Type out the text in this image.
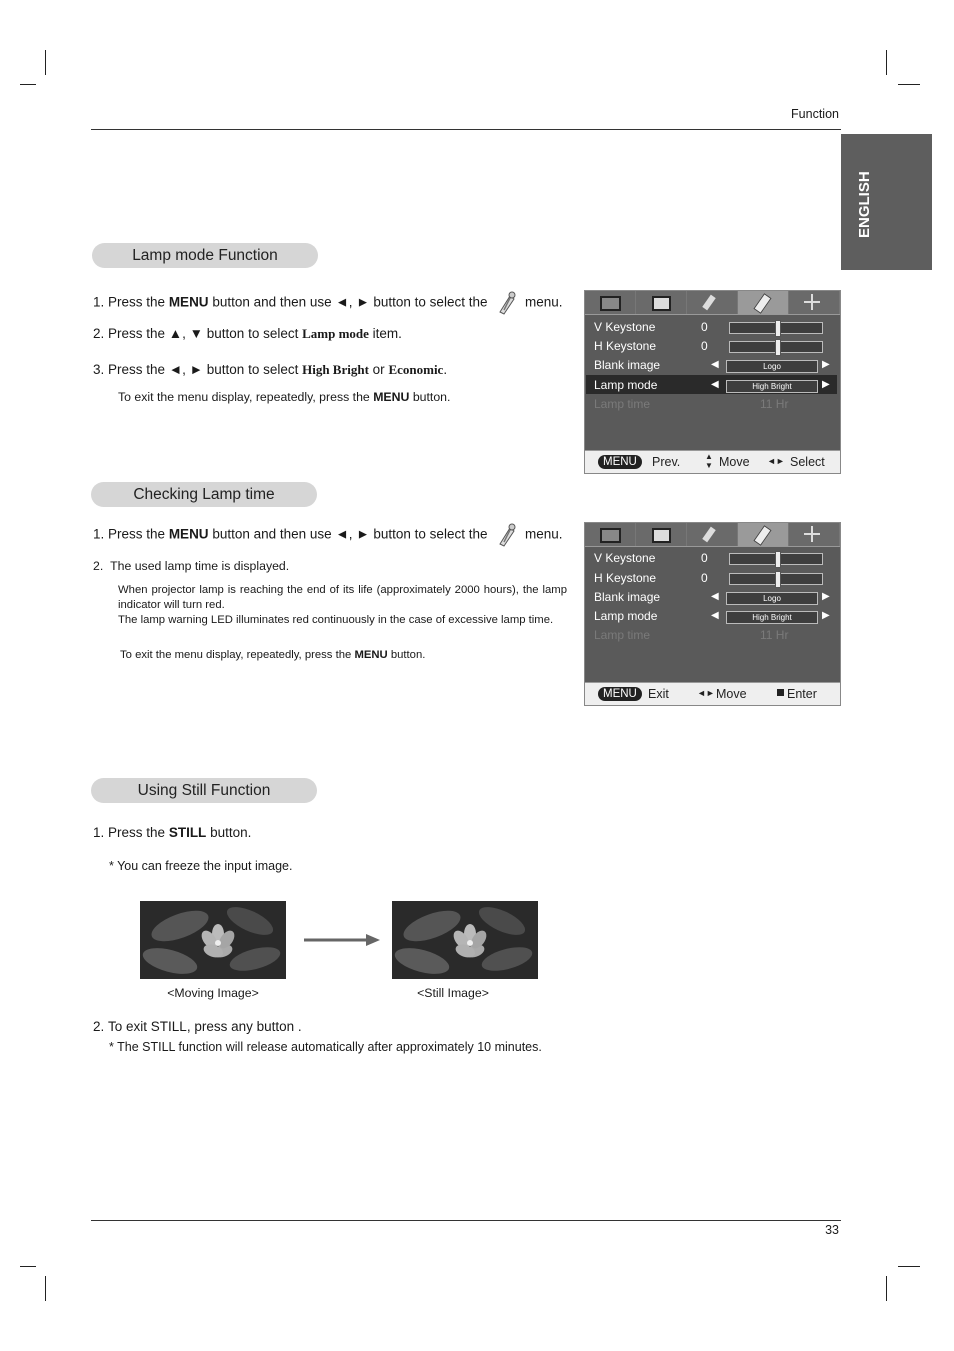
Function
ENGLISH
Lamp mode Function
1. Press the MENU button and then use ◄, ► button to select the	menu.
2. Press the ▲, ▼ button to select Lamp mode item.
3. Press the ◄, ► button to select High Bright or Economic.
To exit the menu display, repeatedly, press the MENU button.
V Keystone	0
H Keystone	0
Blank image	◀	Logo	▶
Lamp mode	◀	High Bright	▶
Lamp time	11 Hr
MENU	Prev.	▲
▼ Move ◄► Select
Checking Lamp time
1. Press the MENU button and then use ◄, ► button to select the	menu.
2. The used lamp time is displayed.
When projector lamp is reaching the end of its life (approximately 2000 hours), the lamp indicator will turn red.
The lamp warning LED illuminates red continuously in the case of excessive lamp time.
To exit the menu display, repeatedly, press the MENU button.
V Keystone	0
H Keystone	0
Blank image	◀	Logo	▶
Lamp mode	◀	High Bright	▶
Lamp time	11 Hr
MENU Exit	◄► Move	Enter
Using Still Function
1. Press the STILL button.
* You can freeze the input image.
<Moving Image>	<Still Image>
2. To exit STILL, press any button .
* The STILL function will release automatically after approximately 10 minutes.
33
